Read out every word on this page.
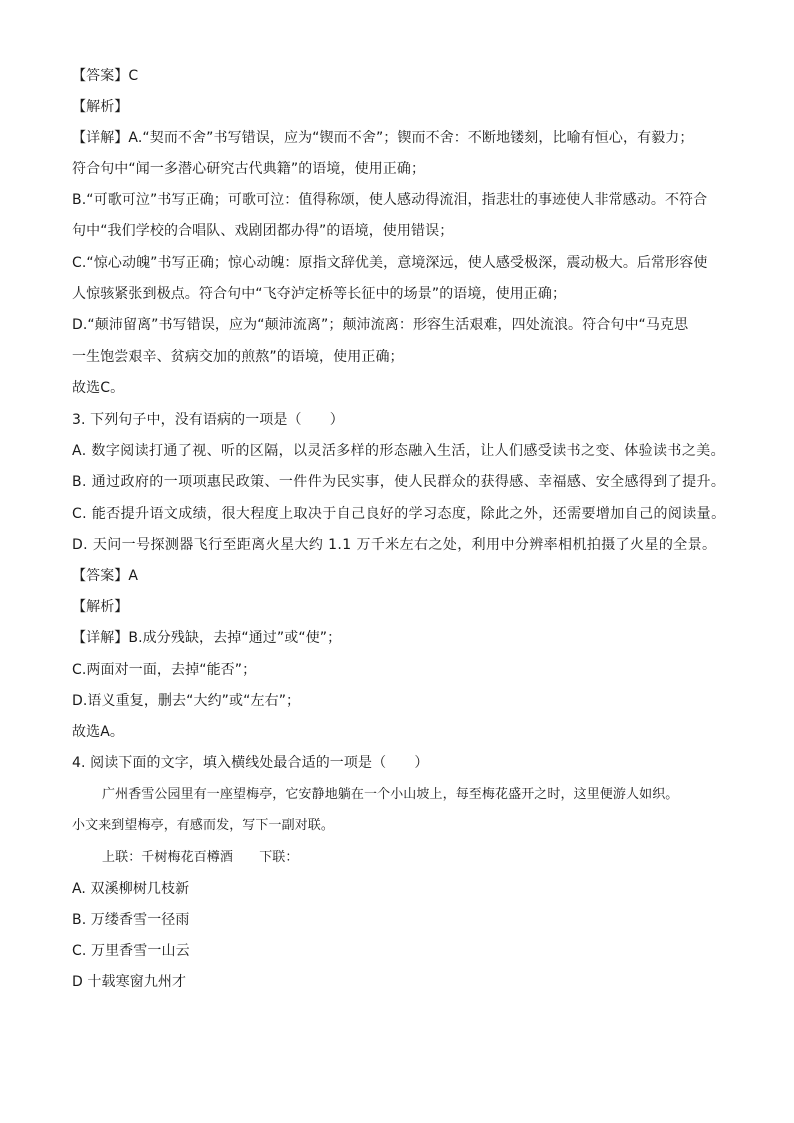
【答案】C
【解析】
【详解】A.“契而不舍”书写错误，应为“锲而不舍”；锲而不舍：不断地镂刻，比喻有恒心，有毅力；
符合句中“闻一多潜心研究古代典籍”的语境，使用正确；
B.“可歌可泣”书写正确；可歌可泣：值得称颂，使人感动得流泪，指悲壮的事迹使人非常感动。不符合
句中“我们学校的合唱队、戏剧团都办得”的语境，使用错误；
C.“惊心动魄”书写正确；惊心动魄：原指文辞优美，意境深远，使人感受极深，震动极大。后常形容使
人惊骇紧张到极点。符合句中“飞夺泸定桥等长征中的场景”的语境，使用正确；
D.“颠沛留离”书写错误，应为“颠沛流离”；颠沛流离：形容生活艰难，四处流浪。符合句中“马克思
一生饱尝艰辛、贫病交加的煎熬”的语境，使用正确；
故选C。
3. 下列句子中，没有语病的一项是（　　）
A. 数字阅读打通了视、听的区隔，以灵活多样的形态融入生活，让人们感受读书之变、体验读书之美。
B. 通过政府的一项项惠民政策、一件件为民实事，使人民群众的获得感、幸福感、安全感得到了提升。
C. 能否提升语文成绩，很大程度上取决于自己良好的学习态度，除此之外，还需要增加自己的阅读量。
D. 天问一号探测器飞行至距离火星大约 1.1 万千米左右之处，利用中分辨率相机拍摄了火星的全景。
【答案】A
【解析】
【详解】B.成分残缺，去掉“通过”或“使”；
C.两面对一面，去掉“能否”；
D.语义重复，删去“大约”或“左右”；
故选A。
4. 阅读下面的文字，填入横线处最合适的一项是（　　）
广州香雪公园里有一座望梅亭，它安静地躺在一个小山坡上，每至梅花盛开之时，这里便游人如织。
小文来到望梅亭，有感而发，写下一副对联。
上联：千树梅花百樽酒　　下联：
A. 双溪柳树几枝新
B. 万缕香雪一径雨
C. 万里香雪一山云
D 十载寒窗九州才
